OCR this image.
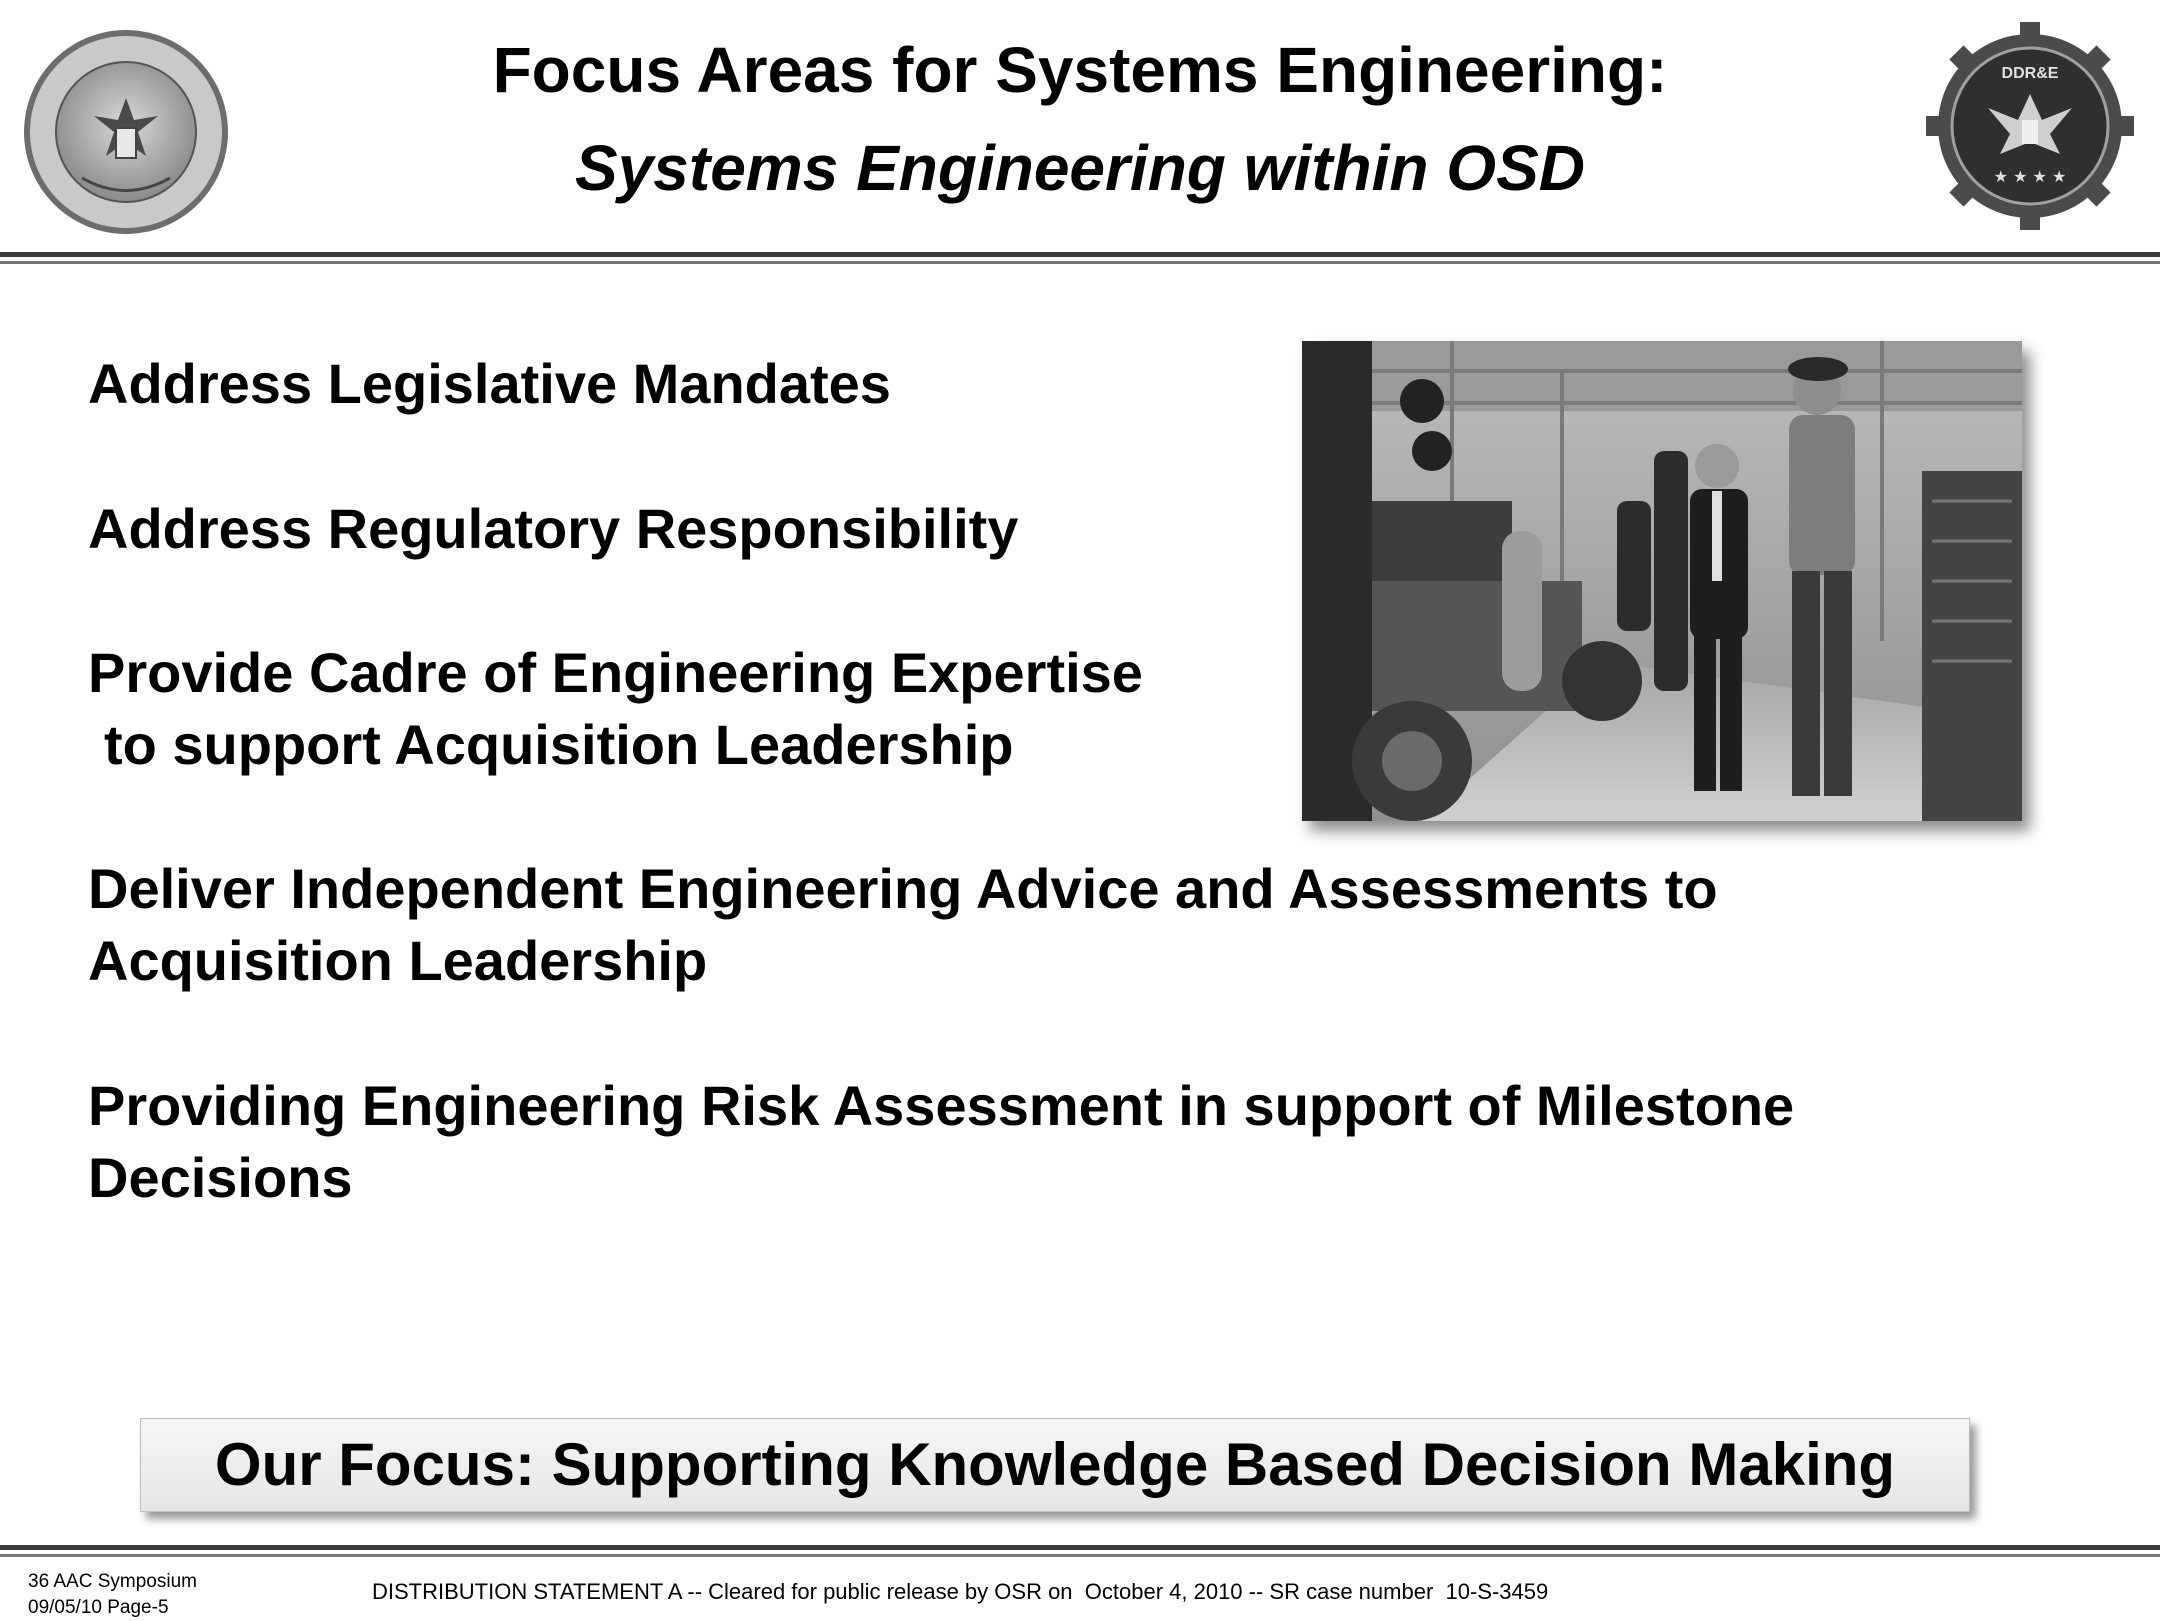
DDR&E
★ ★ ★ ★
Focus Areas for Systems Engineering:
Systems Engineering within OSD

Address Legislative Mandates

Address Regulatory Responsibility

Provide Cadre of Engineering Expertise

to support Acquisition Leadership

Deliver Independent Engineering Advice and Assessments to

Acquisition Leadership

Providing Engineering Risk Assessment in support of Milestone

Decisions

Our Focus: Supporting Knowledge Based Decision Making
36 AAC Symposium
09/05/10 Page-5
DISTRIBUTION STATEMENT A -- Cleared for public release by OSR on  October 4, 2010 -- SR case number  10-S-3459
